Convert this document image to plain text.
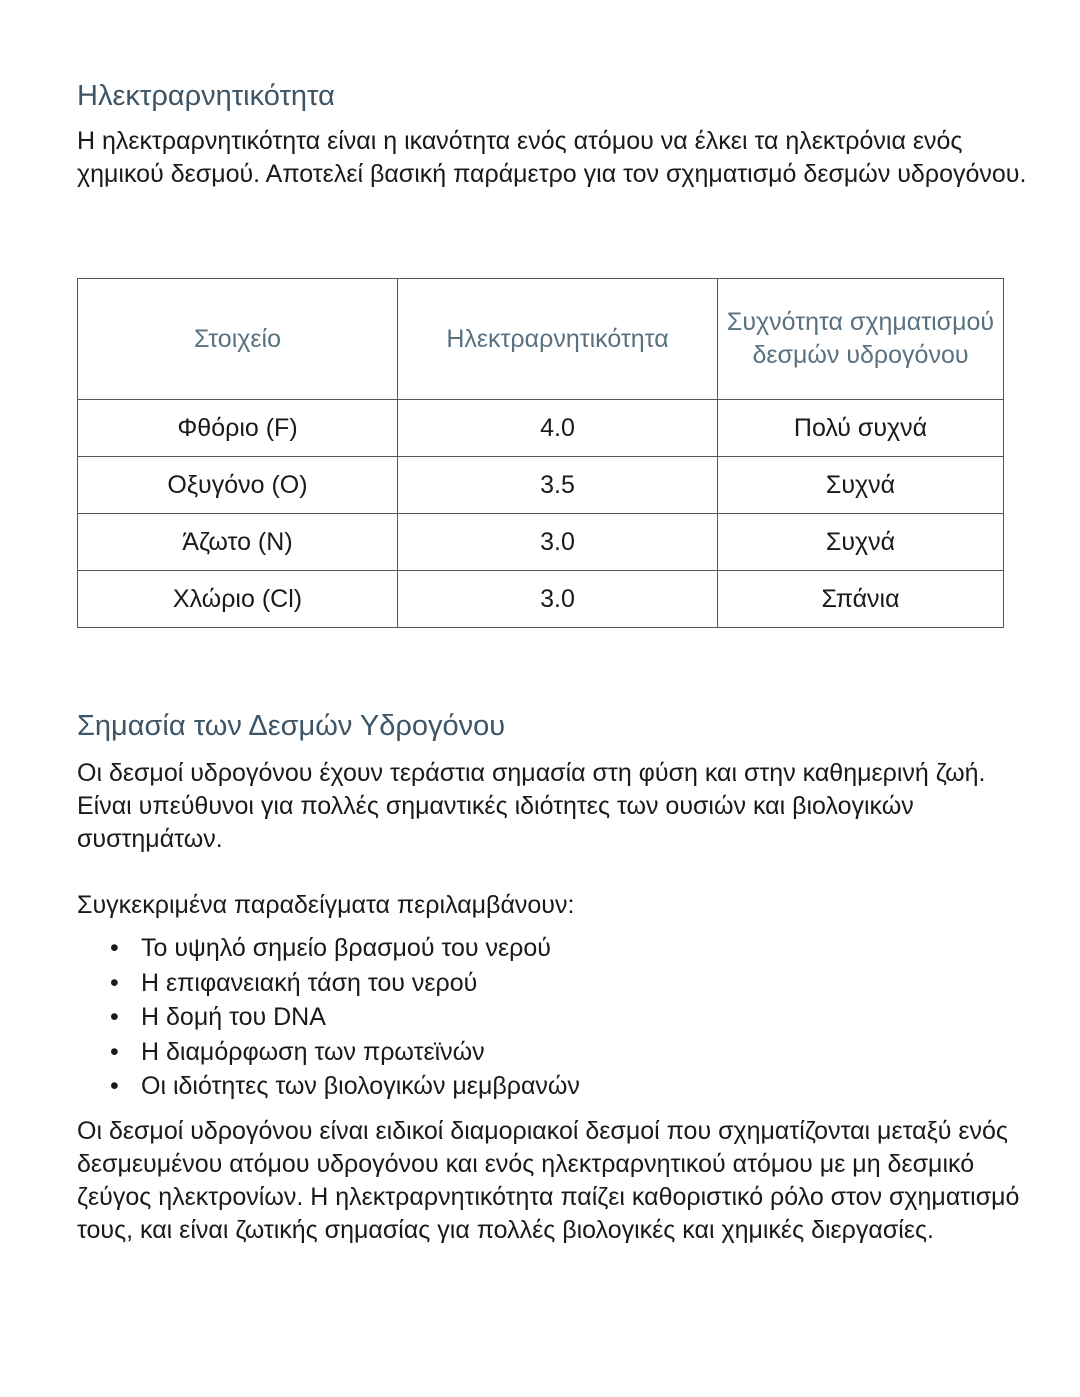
Ηλεκτραρνητικότητα

Η ηλεκτραρνητικότητα είναι η ικανότητα ενός ατόμου να έλκει τα ηλεκτρόνια ενός χημικού δεσμού. Αποτελεί βασική παράμετρο για τον σχηματισμό δεσμών υδρογόνου.

Στοιχείο	Ηλεκτραρνητικότητα	Συχνότητα σχηματισμού δεσμών υδρογόνου
Φθόριο (F)	4.0	Πολύ συχνά
Οξυγόνο (O)	3.5	Συχνά
Άζωτο (N)	3.0	Συχνά
Χλώριο (Cl)	3.0	Σπάνια
Σημασία των Δεσμών Υδρογόνου

Οι δεσμοί υδρογόνου έχουν τεράστια σημασία στη φύση και στην καθημερινή ζωή. Είναι υπεύθυνοι για πολλές σημαντικές ιδιότητες των ουσιών και βιολογικών συστημάτων.

Συγκεκριμένα παραδείγματα περιλαμβάνουν:

• Το υψηλό σημείο βρασμού του νερού
• Η επιφανειακή τάση του νερού
• Η δομή του DNA
• Η διαμόρφωση των πρωτεϊνών
• Οι ιδιότητες των βιολογικών μεμβρανών

Οι δεσμοί υδρογόνου είναι ειδικοί διαμοριακοί δεσμοί που σχηματίζονται μεταξύ ενός δεσμευμένου ατόμου υδρογόνου και ενός ηλεκτραρνητικού ατόμου με μη δεσμικό ζεύγος ηλεκτρονίων. Η ηλεκτραρνητικότητα παίζει καθοριστικό ρόλο στον σχηματισμό τους, και είναι ζωτικής σημασίας για πολλές βιολογικές και χημικές διεργασίες.
